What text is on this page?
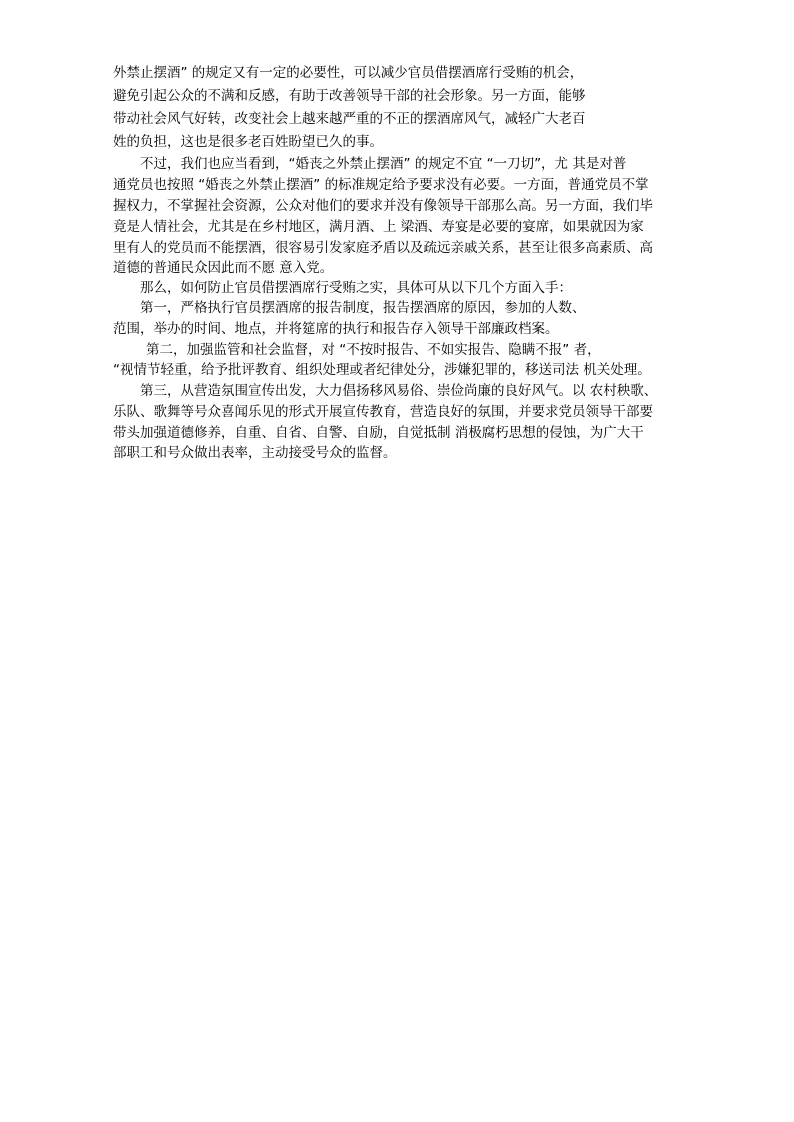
外禁止摆酒” 的规定又有一定的必要性，可以减少官员借摆酒席行受贿的机会，
避免引起公众的不满和反感，有助于改善领导干部的社会形象。另一方面，能够
带动社会风气好转，改变社会上越来越严重的不正的摆酒席风气，减轻广大老百
姓的负担，这也是很多老百姓盼望已久的事。
不过，我们也应当看到，“婚丧之外禁止摆酒” 的规定不宜 “一刀切”，尤 其是对普
通党员也按照 “婚丧之外禁止摆酒” 的标准规定给予要求没有必要。一方面，普通党员不掌
握权力，不掌握社会资源，公众对他们的要求并没有像领导干部那么高。另一方面，我们毕
竟是人情社会，尤其是在乡村地区，满月酒、上 梁酒、寿宴是必要的宴席，如果就因为家
里有人的党员而不能摆酒，很容易引发家庭矛盾以及疏远亲戚关系，甚至让很多高素质、高
道德的普通民众因此而不愿 意入党。
那么，如何防止官员借摆酒席行受贿之实，具体可从以下几个方面入手：
第一，严格执行官员摆酒席的报告制度，报告摆酒席的原因，参加的人数、
范围，举办的时间、地点，并将筵席的执行和报告存入领导干部廉政档案。
第二，加强监管和社会监督，对 “不按时报告、不如实报告、隐瞒不报” 者，
“视情节轻重，给予批评教育、组织处理或者纪律处分，涉嫌犯罪的，移送司法 机关处理。
第三，从营造氛围宣传出发，大力倡扬移风易俗、崇俭尚廉的良好风气。以 农村秧歌、
乐队、歌舞等号众喜闻乐见的形式开展宣传教育，营造良好的氛围，并要求党员领导干部要
带头加强道德修养，自重、自省、自警、自励，自觉抵制 消极腐朽思想的侵蚀，为广大干
部职工和号众做出表率，主动接受号众的监督。
